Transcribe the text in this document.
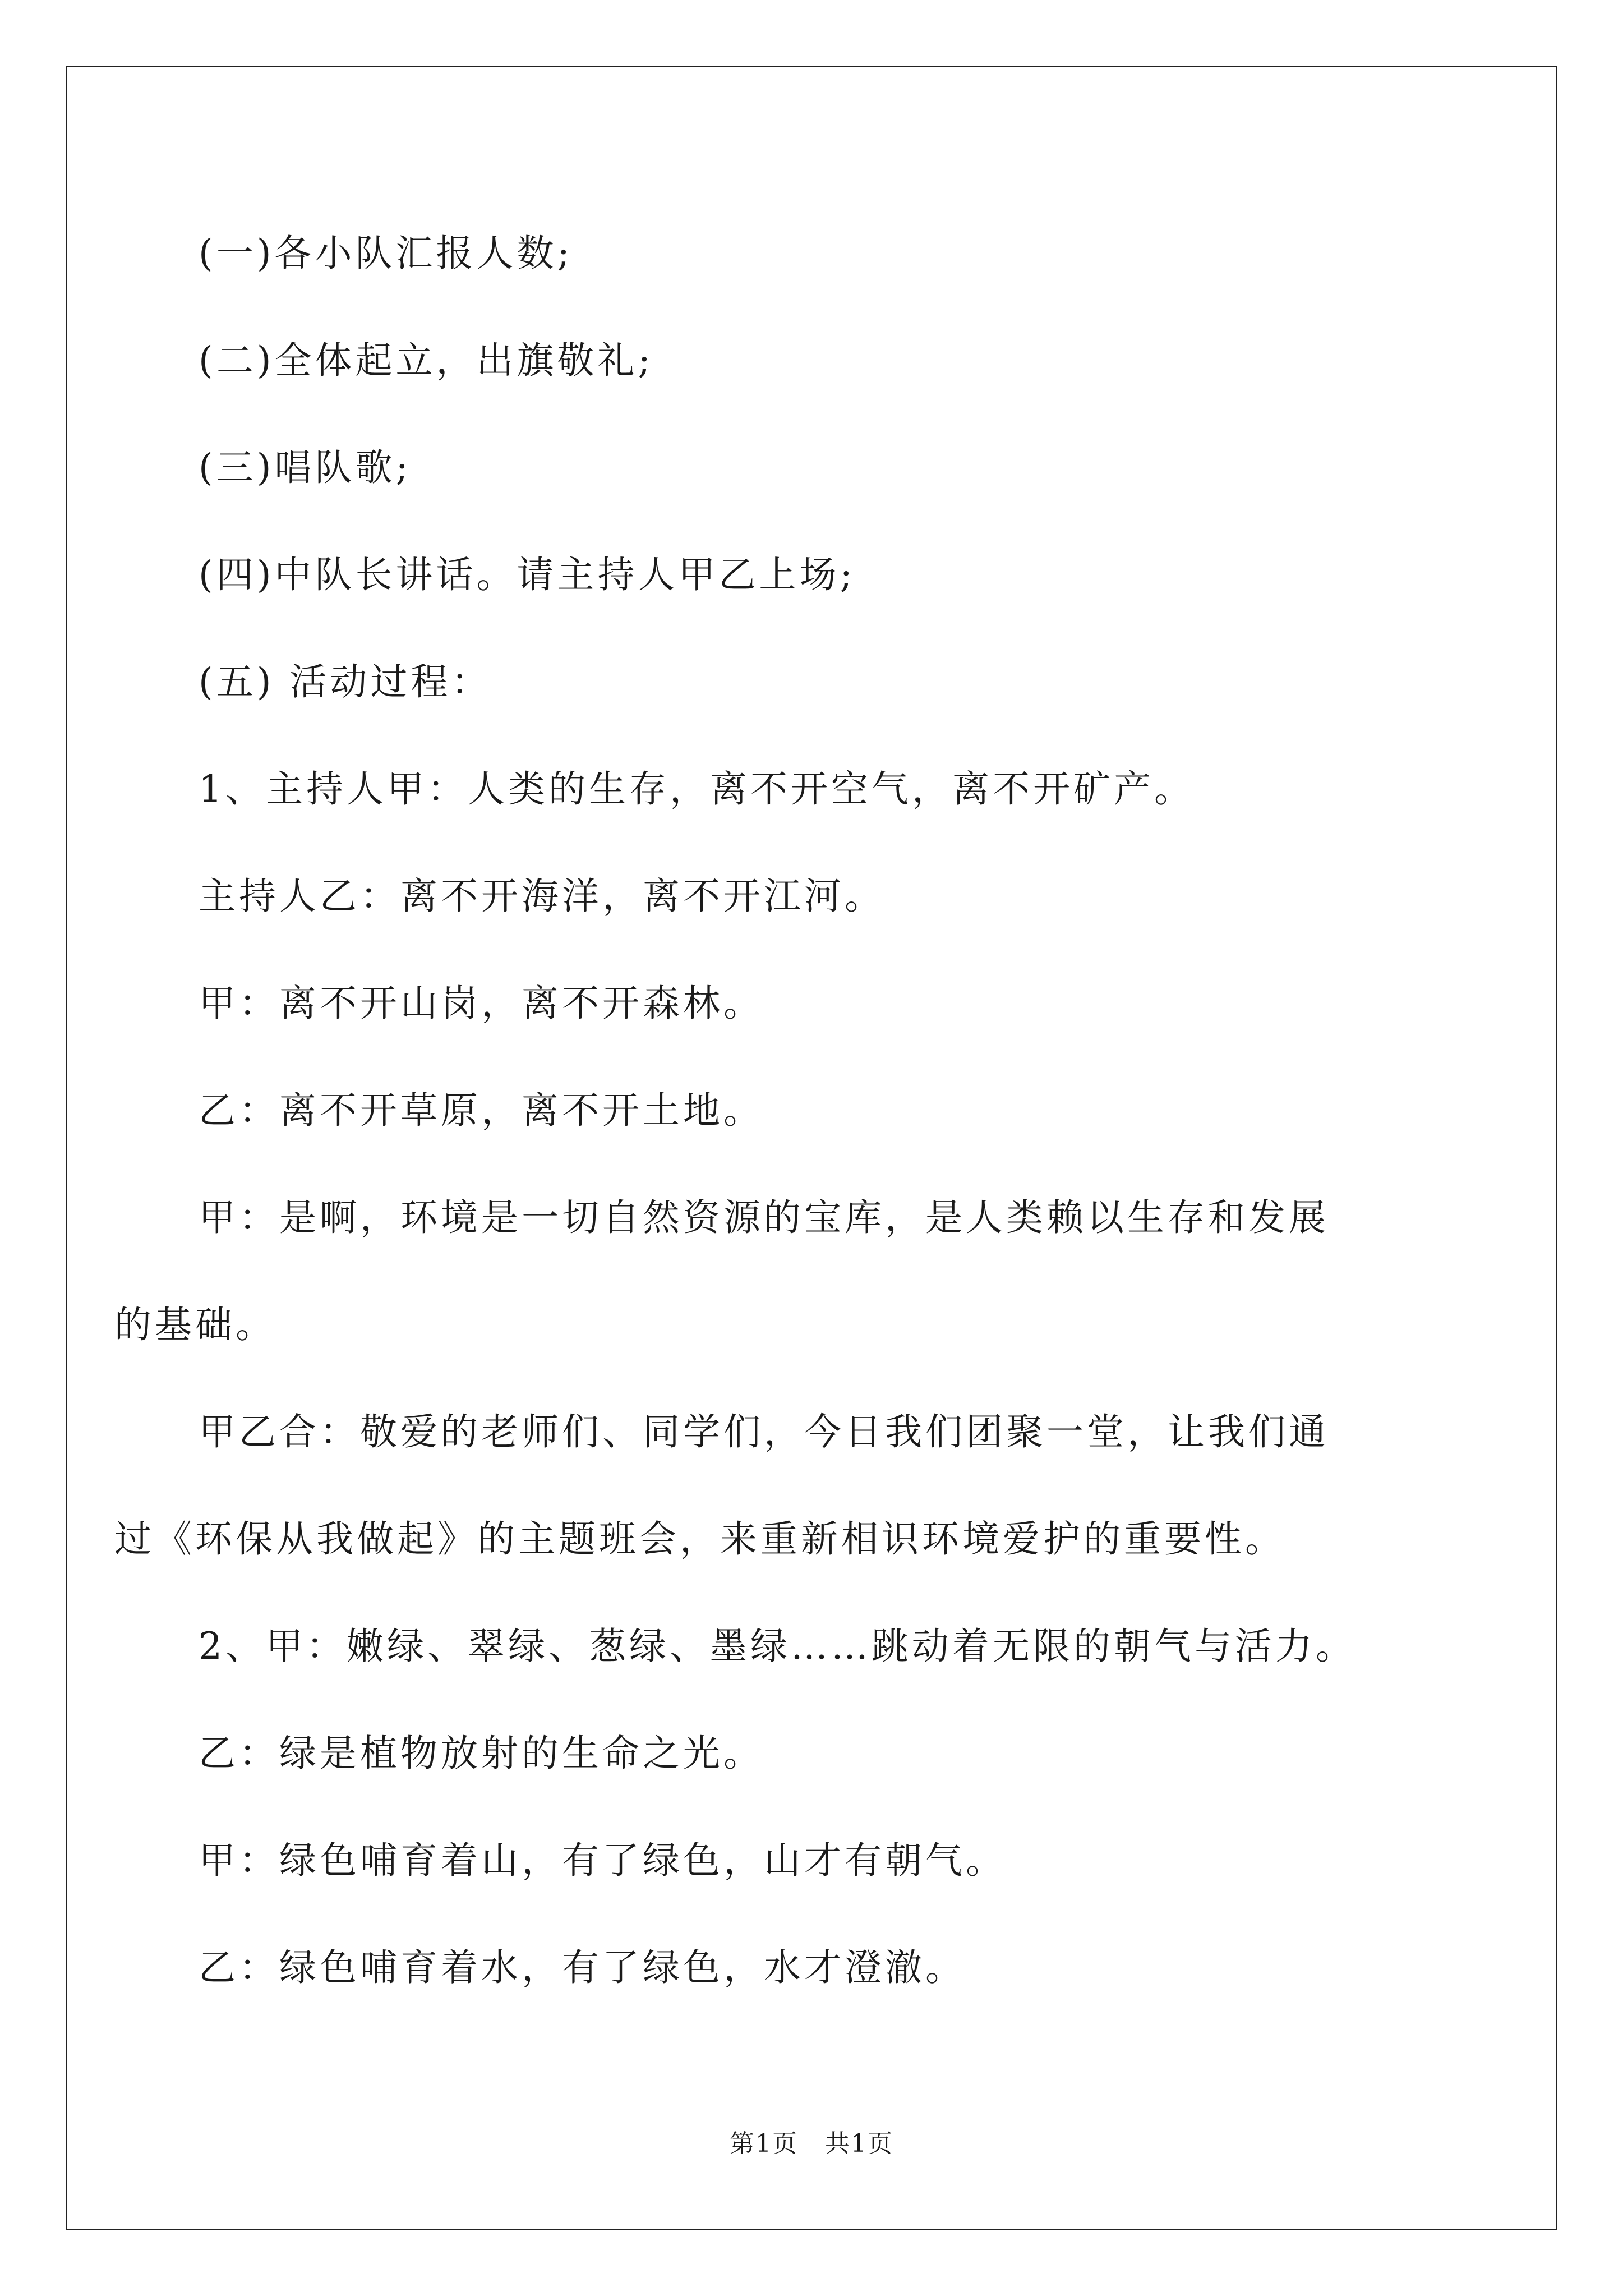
(一)各小队汇报人数;
(二)全体起立，出旗敬礼;
(三)唱队歌;
(四)中队长讲话。请主持人甲乙上场;
(五) 活动过程：
1、主持人甲：人类的生存，离不开空气，离不开矿产。
主持人乙：离不开海洋，离不开江河。
甲：离不开山岗，离不开森林。
乙：离不开草原，离不开土地。
甲：是啊，环境是一切自然资源的宝库，是人类赖以生存和发展
的基础。
甲乙合：敬爱的老师们、同学们，今日我们团聚一堂，让我们通
过《环保从我做起》的主题班会，来重新相识环境爱护的重要性。
2、甲：嫩绿、翠绿、葱绿、墨绿……跳动着无限的朝气与活力。
乙：绿是植物放射的生命之光。
甲：绿色哺育着山，有了绿色，山才有朝气。
乙：绿色哺育着水，有了绿色，水才澄澈。
第1页 共1页
